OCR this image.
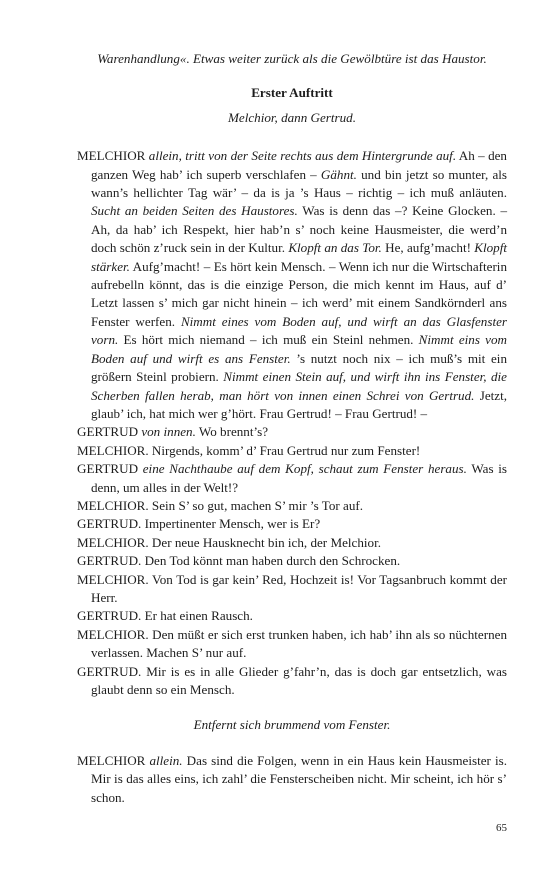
Warenhandlung«. Etwas weiter zurück als die Gewölbtüre ist das Haustor.
Erster Auftritt
Melchior, dann Gertrud.
MELCHIOR allein, tritt von der Seite rechts aus dem Hintergrunde auf. Ah – den ganzen Weg hab’ ich superb verschlafen – Gähnt. und bin jetzt so munter, als wann’s hellichter Tag wär’ – da is ja ’s Haus – richtig – ich muß anläuten. Sucht an beiden Seiten des Haustores. Was is denn das –? Keine Glocken. – Ah, da hab’ ich Respekt, hier hab’n s’ noch keine Hausmeister, die werd’n doch schön z’ruck sein in der Kultur. Klopft an das Tor. He, aufg’macht! Klopft stärker. Aufg’macht! – Es hört kein Mensch. – Wenn ich nur die Wirtschafterin aufrebelln könnt, das is die einzige Person, die mich kennt im Haus, auf d’ Letzt lassen s’ mich gar nicht hinein – ich werd’ mit einem Sandkörnderl ans Fenster werfen. Nimmt eines vom Boden auf, und wirft an das Glasfenster vorn. Es hört mich niemand – ich muß ein Steinl nehmen. Nimmt eins vom Boden auf und wirft es ans Fenster. ’s nutzt noch nix – ich muß’s mit ein größern Steinl probiern. Nimmt einen Stein auf, und wirft ihn ins Fenster, die Scherben fallen herab, man hört von innen einen Schrei von Gertrud. Jetzt, glaub’ ich, hat mich wer g’hört. Frau Gertrud! – Frau Gertrud! –
GERTRUD von innen. Wo brennt’s?
MELCHIOR. Nirgends, komm’ d’ Frau Gertrud nur zum Fenster!
GERTRUD eine Nachthaube auf dem Kopf, schaut zum Fenster heraus. Was is denn, um alles in der Welt!?
MELCHIOR. Sein S’ so gut, machen S’ mir ’s Tor auf.
GERTRUD. Impertinenter Mensch, wer is Er?
MELCHIOR. Der neue Hausknecht bin ich, der Melchior.
GERTRUD. Den Tod könnt man haben durch den Schrocken.
MELCHIOR. Von Tod is gar kein’ Red, Hochzeit is! Vor Tagsanbruch kommt der Herr.
GERTRUD. Er hat einen Rausch.
MELCHIOR. Den müßt er sich erst trunken haben, ich hab’ ihn als so nüchternen verlassen. Machen S’ nur auf.
GERTRUD. Mir is es in alle Glieder g’fahr’n, das is doch gar entsetzlich, was glaubt denn so ein Mensch.
Entfernt sich brummend vom Fenster.
MELCHIOR allein. Das sind die Folgen, wenn in ein Haus kein Hausmeister is. Mir is das alles eins, ich zahl’ die Fensterscheiben nicht. Mir scheint, ich hör s’ schon.
65
